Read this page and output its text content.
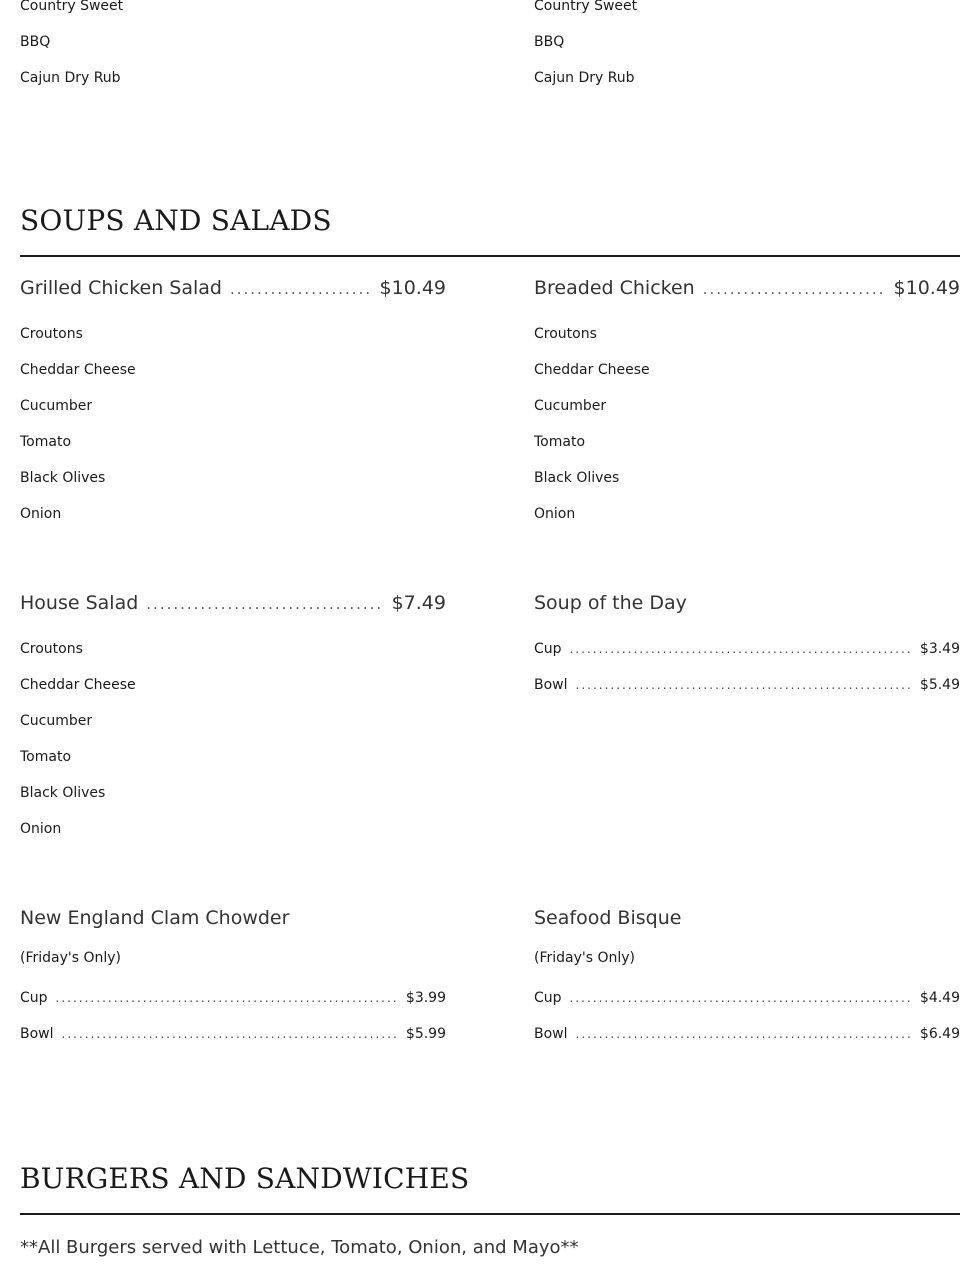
Country Sweet
BBQ
Cajun Dry Rub
Country Sweet
BBQ
Cajun Dry Rub
SOUPS AND SALADS
Grilled Chicken Salad .....	$10.49
Croutons
Cheddar Cheese
Cucumber
Tomato
Black Olives
Onion
Breaded Chicken .....	$10.49
Croutons
Cheddar Cheese
Cucumber
Tomato
Black Olives
Onion
House Salad .....	$7.49
Croutons
Cheddar Cheese
Cucumber
Tomato
Black Olives
Onion
Soup of the Day
Cup .....	$3.49
Bowl .....	$5.49
New England Clam Chowder
(Friday's Only)
Cup .....	$3.99
Bowl .....	$5.99
Seafood Bisque
(Friday's Only)
Cup .....	$4.49
Bowl .....	$6.49
BURGERS AND SANDWICHES
**All Burgers served with Lettuce, Tomato, Onion, and Mayo**
